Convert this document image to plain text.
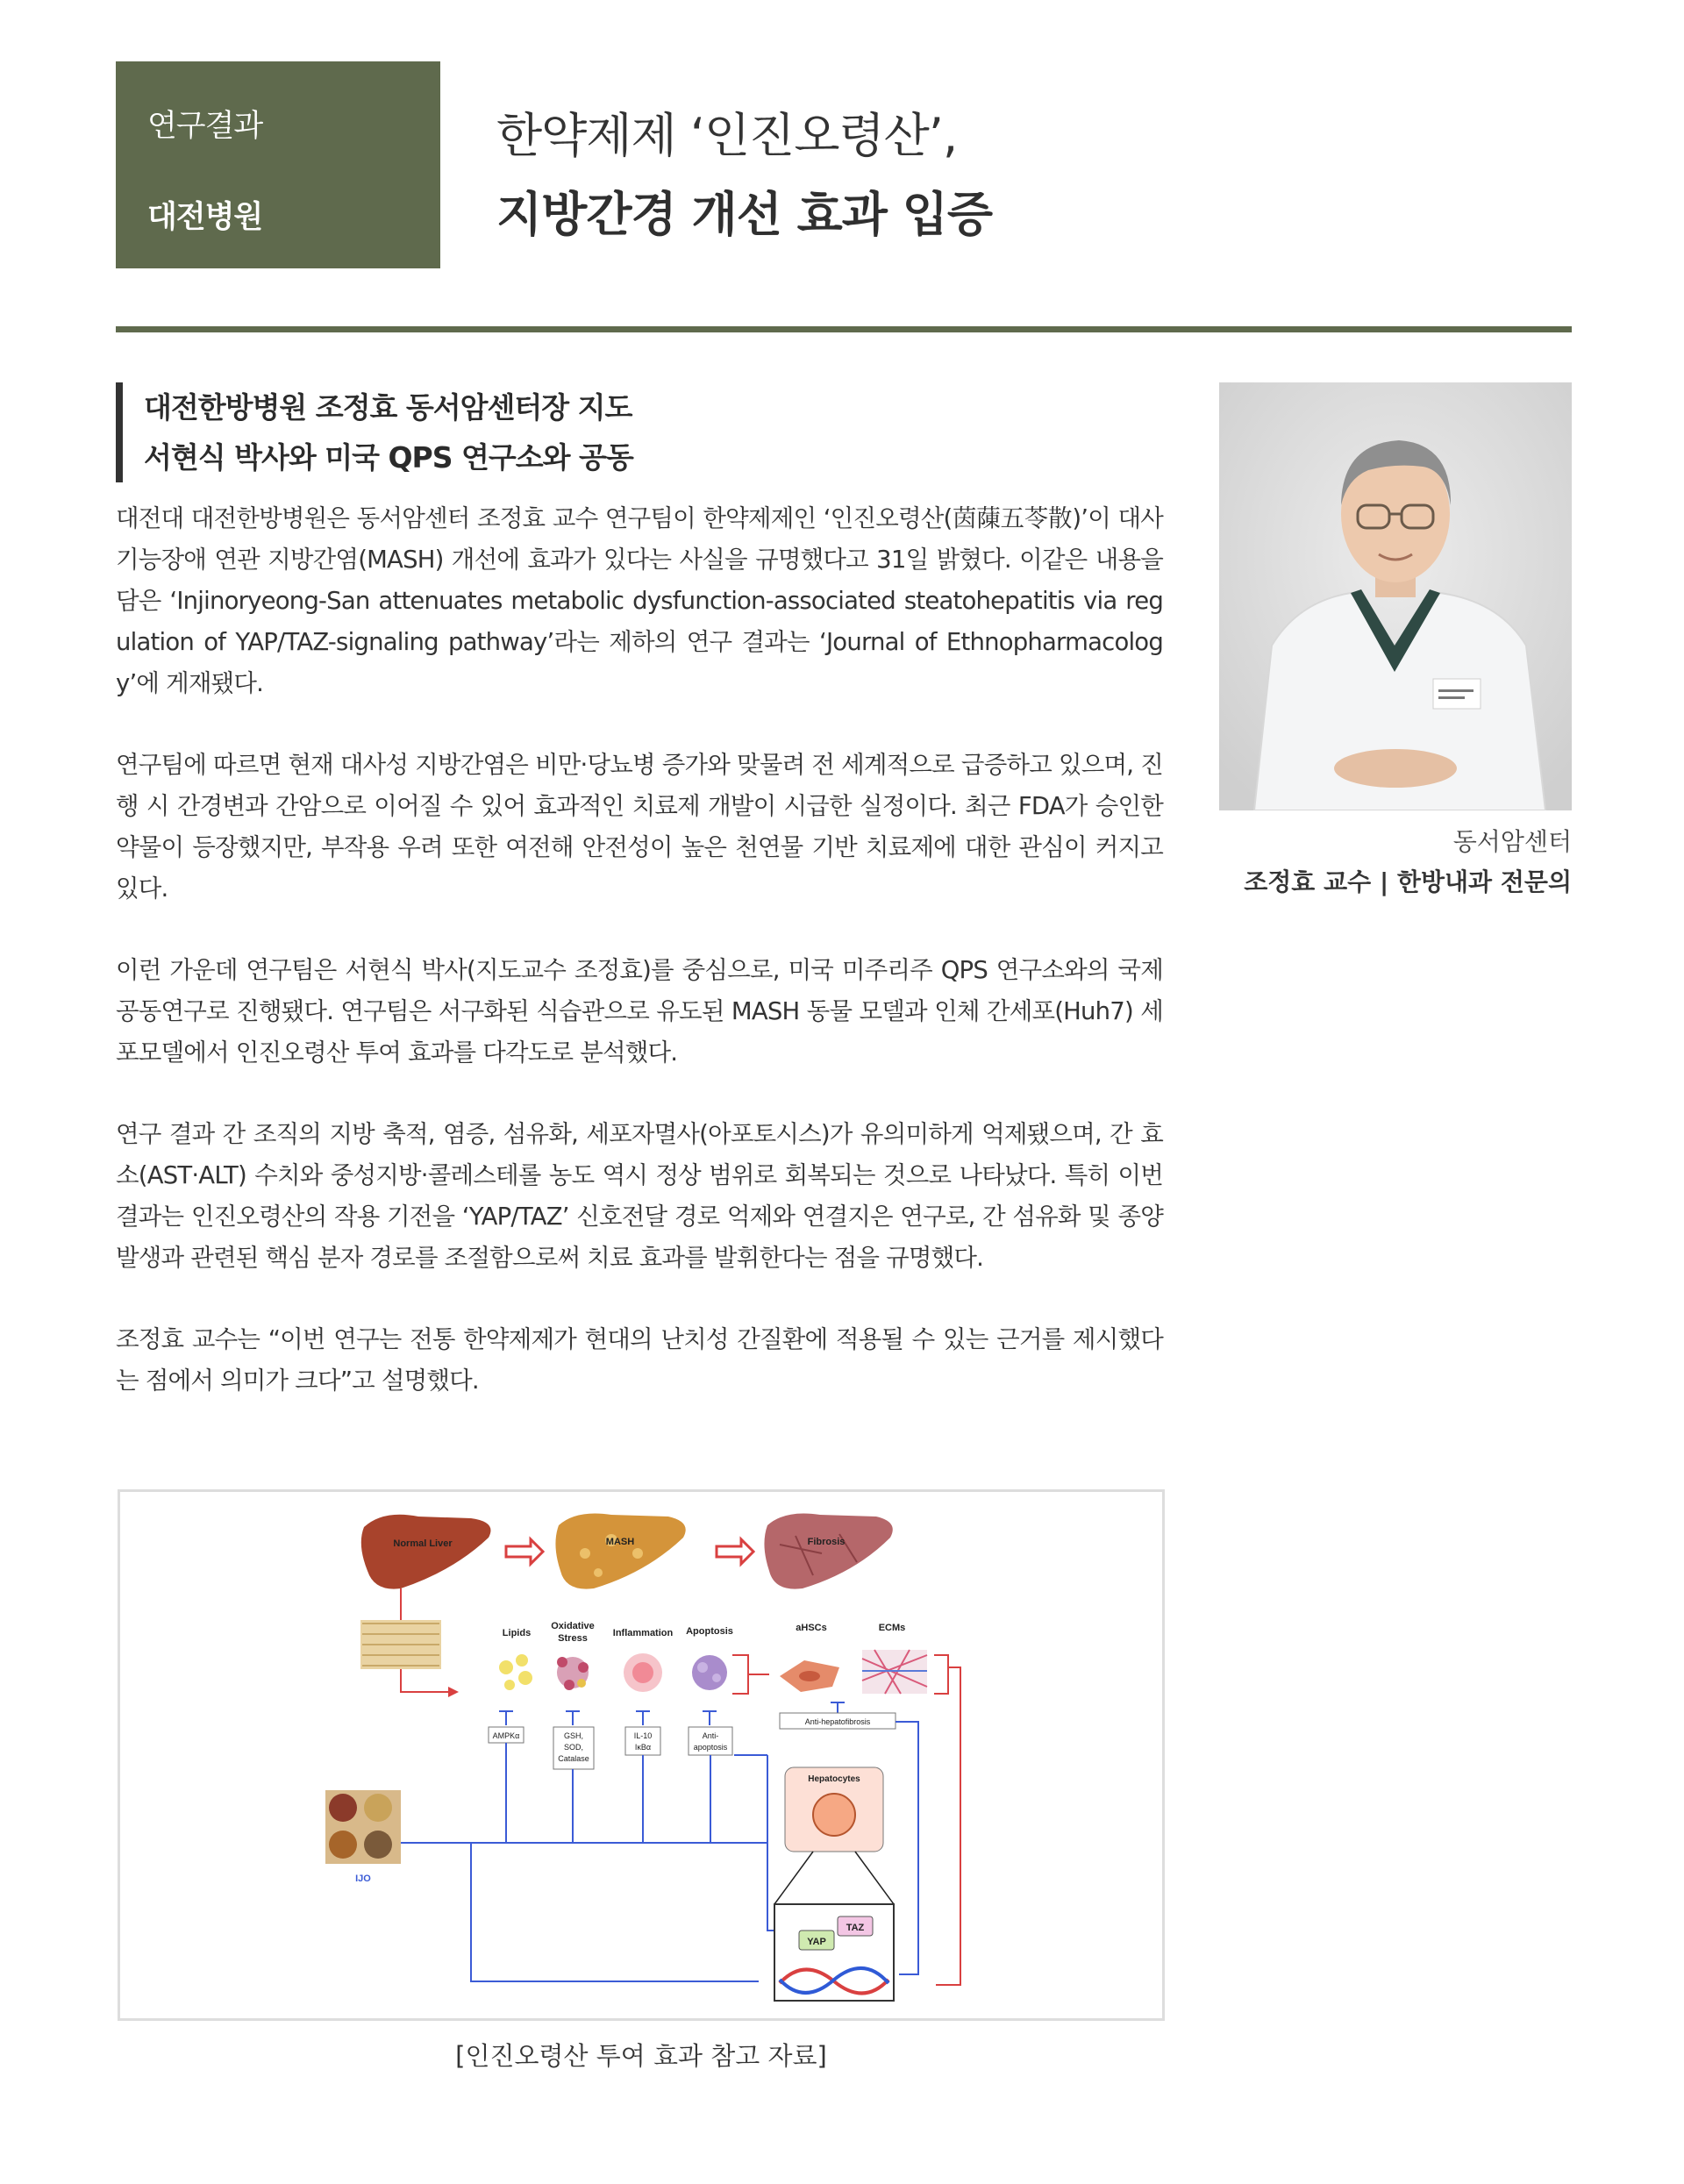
연구결과
대전병원
한약제제 ‘인진오령산’,
지방간경 개선 효과 입증
대전한방병원 조정효 동서암센터장 지도
서현식 박사와 미국 QPS 연구소와 공동

대전대 대전한방병원은 동서암센터 조정효 교수 연구팀이 한약제제인 ‘인진오령산(茵蔯五苓散)’이 대사기능장애 연관 지방간염(MASH) 개선에 효과가 있다는 사실을 규명했다고 31일 밝혔다. 이같은 내용을 담은 ‘Injinoryeong-San attenuates metabolic dysfunction-associated steatohepatitis via regulation of YAP/TAZ-signaling pathway’라는 제하의 연구 결과는 ‘Journal of Ethnopharmacology’에 게재됐다.

연구팀에 따르면 현재 대사성 지방간염은 비만·당뇨병 증가와 맞물려 전 세계적으로 급증하고 있으며, 진행 시 간경변과 간암으로 이어질 수 있어 효과적인 치료제 개발이 시급한 실정이다. 최근 FDA가 승인한 약물이 등장했지만, 부작용 우려 또한 여전해 안전성이 높은 천연물 기반 치료제에 대한 관심이 커지고 있다.

이런 가운데 연구팀은 서현식 박사(지도교수 조정효)를 중심으로, 미국 미주리주 QPS 연구소와의 국제 공동연구로 진행됐다. 연구팀은 서구화된 식습관으로 유도된 MASH 동물 모델과 인체 간세포(Huh7) 세포모델에서 인진오령산 투여 효과를 다각도로 분석했다.

연구 결과 간 조직의 지방 축적, 염증, 섬유화, 세포자멸사(아포토시스)가 유의미하게 억제됐으며, 간 효소(AST·ALT) 수치와 중성지방·콜레스테롤 농도 역시 정상 범위로 회복되는 것으로 나타났다. 특히 이번 결과는 인진오령산의 작용 기전을 ‘YAP/TAZ’ 신호전달 경로 억제와 연결지은 연구로, 간 섬유화 및 종양 발생과 관련된 핵심 분자 경로를 조절함으로써 치료 효과를 발휘한다는 점을 규명했다.

조정효 교수는 “이번 연구는 전통 한약제제가 현대의 난치성 간질환에 적용될 수 있는 근거를 제시했다는 점에서 의미가 크다”고 설명했다.

동서암센터
조정효 교수 | 한방내과 전문의
Normal Liver	MASH	Fibrosis
Lipids
Oxidative
Stress	Inflammation Apoptosis	aHSCs	ECMs
AMPKα	GSH,
SOD,
Catalase
IL-10
IκBα
Anti-
apoptosis
Anti-hepatofibrosis
IJO
Hepatocytes
YAP
TAZ
[인진오령산 투여 효과 참고 자료]
